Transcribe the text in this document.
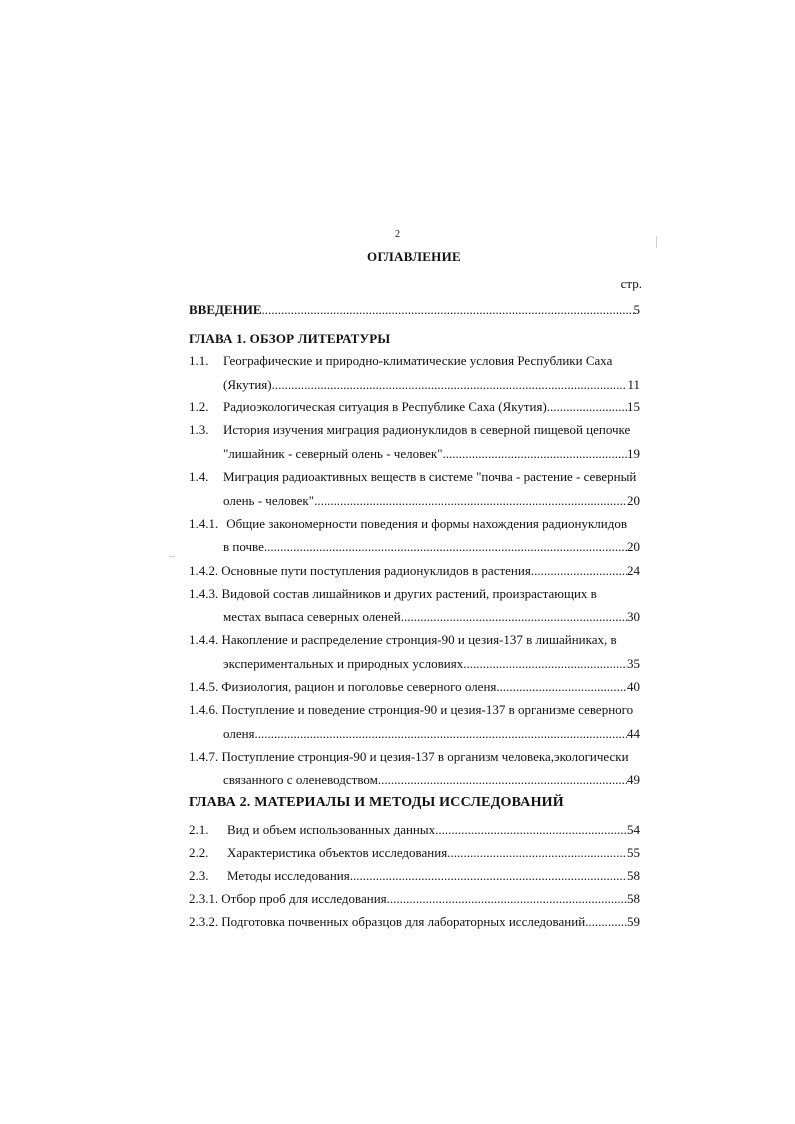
2
ОГЛАВЛЕНИЕ
стр.
ВВЕДЕНИЕ .....	5
ГЛАВА 1. ОБЗОР ЛИТЕРАТУРЫ
1.1. Географические и природно-климатические условия Республики Саха
(Якутия) .....	11
1.2.	Радиоэкологическая ситуация в Республике Саха (Якутия) .....	15
1.3. История изучения миграция радионуклидов в северной пищевой цепочке
"лишайник - северный олень - человек" .....	19
1.4. Миграция радиоактивных веществ в системе "почва - растение - северный
олень - человек" .....	20
1.4.1. Общие закономерности поведения и формы нахождения радионуклидов
в почве .....	20
1.4.2. Основные пути поступления радионуклидов в растения .....	24
1.4.3. Видовой состав лишайников и других растений, произрастающих в
местах выпаса северных оленей .....	30
1.4.4. Накопление и распределение стронция-90 и цезия-137 в лишайниках, в
экспериментальных и природных условиях .....	35
1.4.5. Физиология, рацион и поголовье северного оленя .....	40
1.4.6. Поступление и поведение стронция-90 и цезия-137 в организме северного
оленя .....	44
1.4.7. Поступление стронция-90 и цезия-137 в организм человека,экологически
связанного с оленеводством .....	49
ГЛАВА 2. МАТЕРИАЛЫ И МЕТОДЫ ИССЛЕДОВАНИЙ
2.1. Вид и объем использованных данных .....	54
2.2. Характеристика объектов исследования .....	55
2.3. Методы исследования .....	58
2.3.1. Отбор проб для исследования .....	58
2.3.2. Подготовка почвенных образцов для лабораторных исследований .....	59
